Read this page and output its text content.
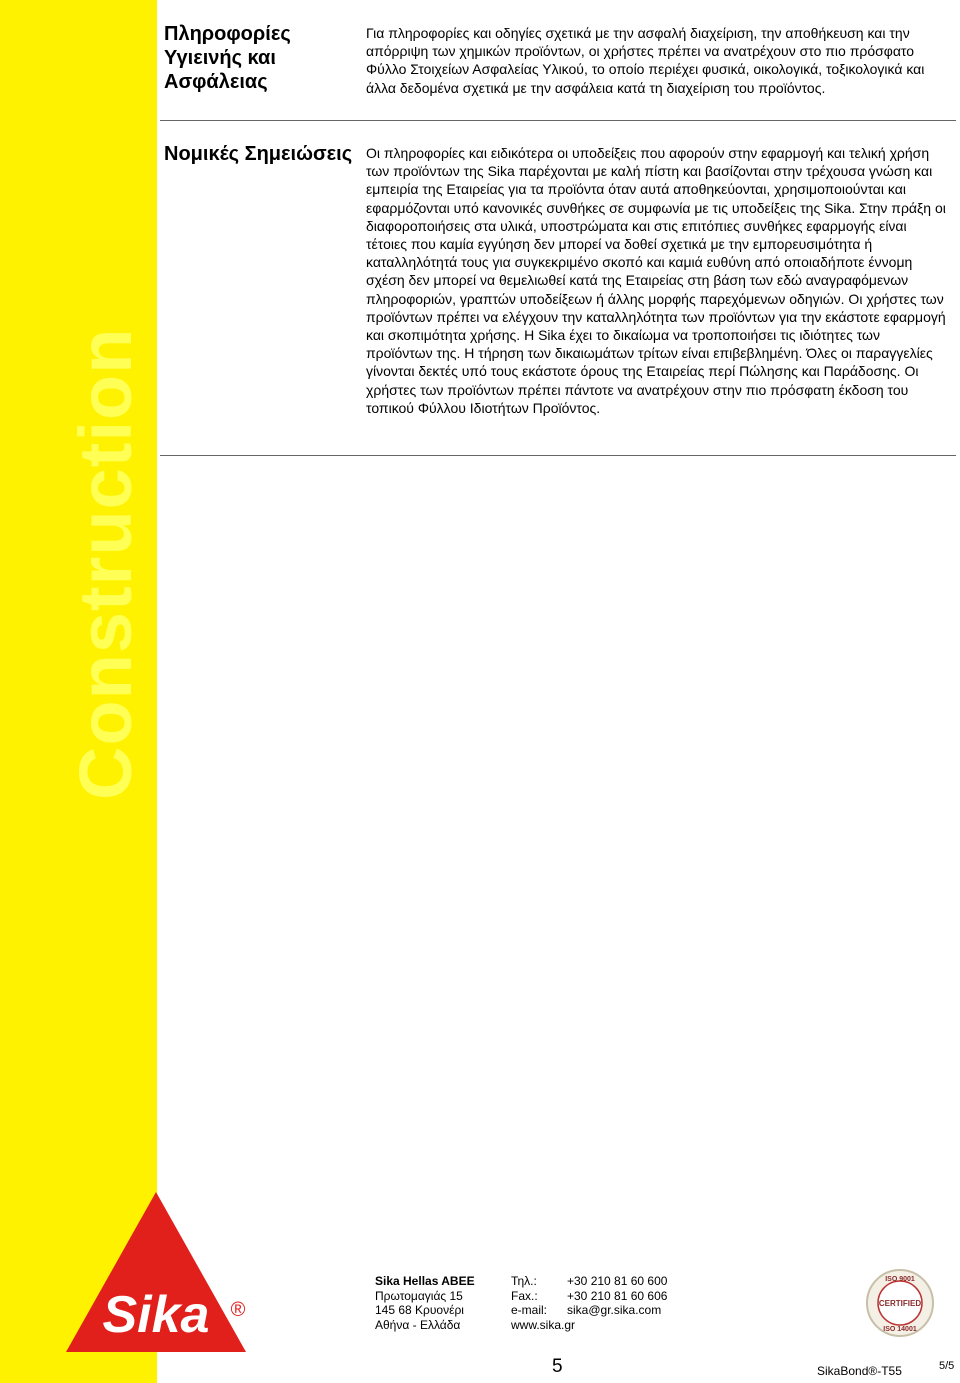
Construction
Sika ®
Πληροφορίες Υγιεινής και Ασφάλειας
Για πληροφορίες και οδηγίες σχετικά με την ασφαλή διαχείριση, την αποθήκευση και την απόρριψη των χημικών προϊόντων, οι χρήστες πρέπει να ανατρέχουν στο πιο πρόσφατο Φύλλο Στοιχείων Ασφαλείας Υλικού, το οποίο περιέχει φυσικά, οικολογικά, τοξικολογικά και άλλα δεδομένα σχετικά με την ασφάλεια κατά τη διαχείριση του προϊόντος.
Νομικές Σημειώσεις Οι πληροφορίες και ειδικότερα οι υποδείξεις που αφορούν στην εφαρμογή και τελική χρήση των προϊόντων της Sika παρέχονται με καλή πίστη και βασίζονται στην τρέχουσα γνώση και εμπειρία της Εταιρείας για τα προϊόντα όταν αυτά αποθηκεύονται, χρησιμοποιούνται και εφαρμόζονται υπό κανονικές συνθήκες σε συμφωνία με τις υποδείξεις της Sika. Στην πράξη οι διαφοροποιήσεις στα υλικά, υποστρώματα και στις επιτόπιες συνθήκες εφαρμογής είναι τέτοιες που καμία εγγύηση δεν μπορεί να δοθεί σχετικά με την εμπορευσιμότητα ή καταλληλότητά τους για συγκεκριμένο σκοπό και καμιά ευθύνη από οποιαδήποτε έννομη σχέση δεν μπορεί να θεμελιωθεί κατά της Εταιρείας στη βάση των εδώ αναγραφόμενων πληροφοριών, γραπτών υποδείξεων ή άλλης μορφής παρεχόμενων οδηγιών. Οι χρήστες των προϊόντων πρέπει να ελέγχουν την καταλληλότητα των προϊόντων για την εκάστοτε εφαρμογή και σκοπιμότητα χρήσης. Η Sika έχει το δικαίωμα να τροποποιήσει τις ιδιότητες των προϊόντων της. Η τήρηση των δικαιωμάτων τρίτων είναι επιβεβλημένη. Όλες οι παραγγελίες γίνονται δεκτές υπό τους εκάστοτε όρους της Εταιρείας περί Πώλησης και Παράδοσης. Οι χρήστες των προϊόντων πρέπει πάντοτε να ανατρέχουν στην πιο πρόσφατη έκδοση του τοπικού Φύλλου Ιδιοτήτων Προϊόντος.
Sika Hellas ABEE
Πρωτομαγιάς 15
145 68 Κρυονέρι
Αθήνα - Ελλάδα
Τηλ.:	+30 210 81 60 600
Fax.:	+30 210 81 60 606
e-mail:	sika@gr.sika.com
www.sika.gr
ISO 9001
CERTIFIED
ISO 14001
5	SikaBond®-T55	5/5
